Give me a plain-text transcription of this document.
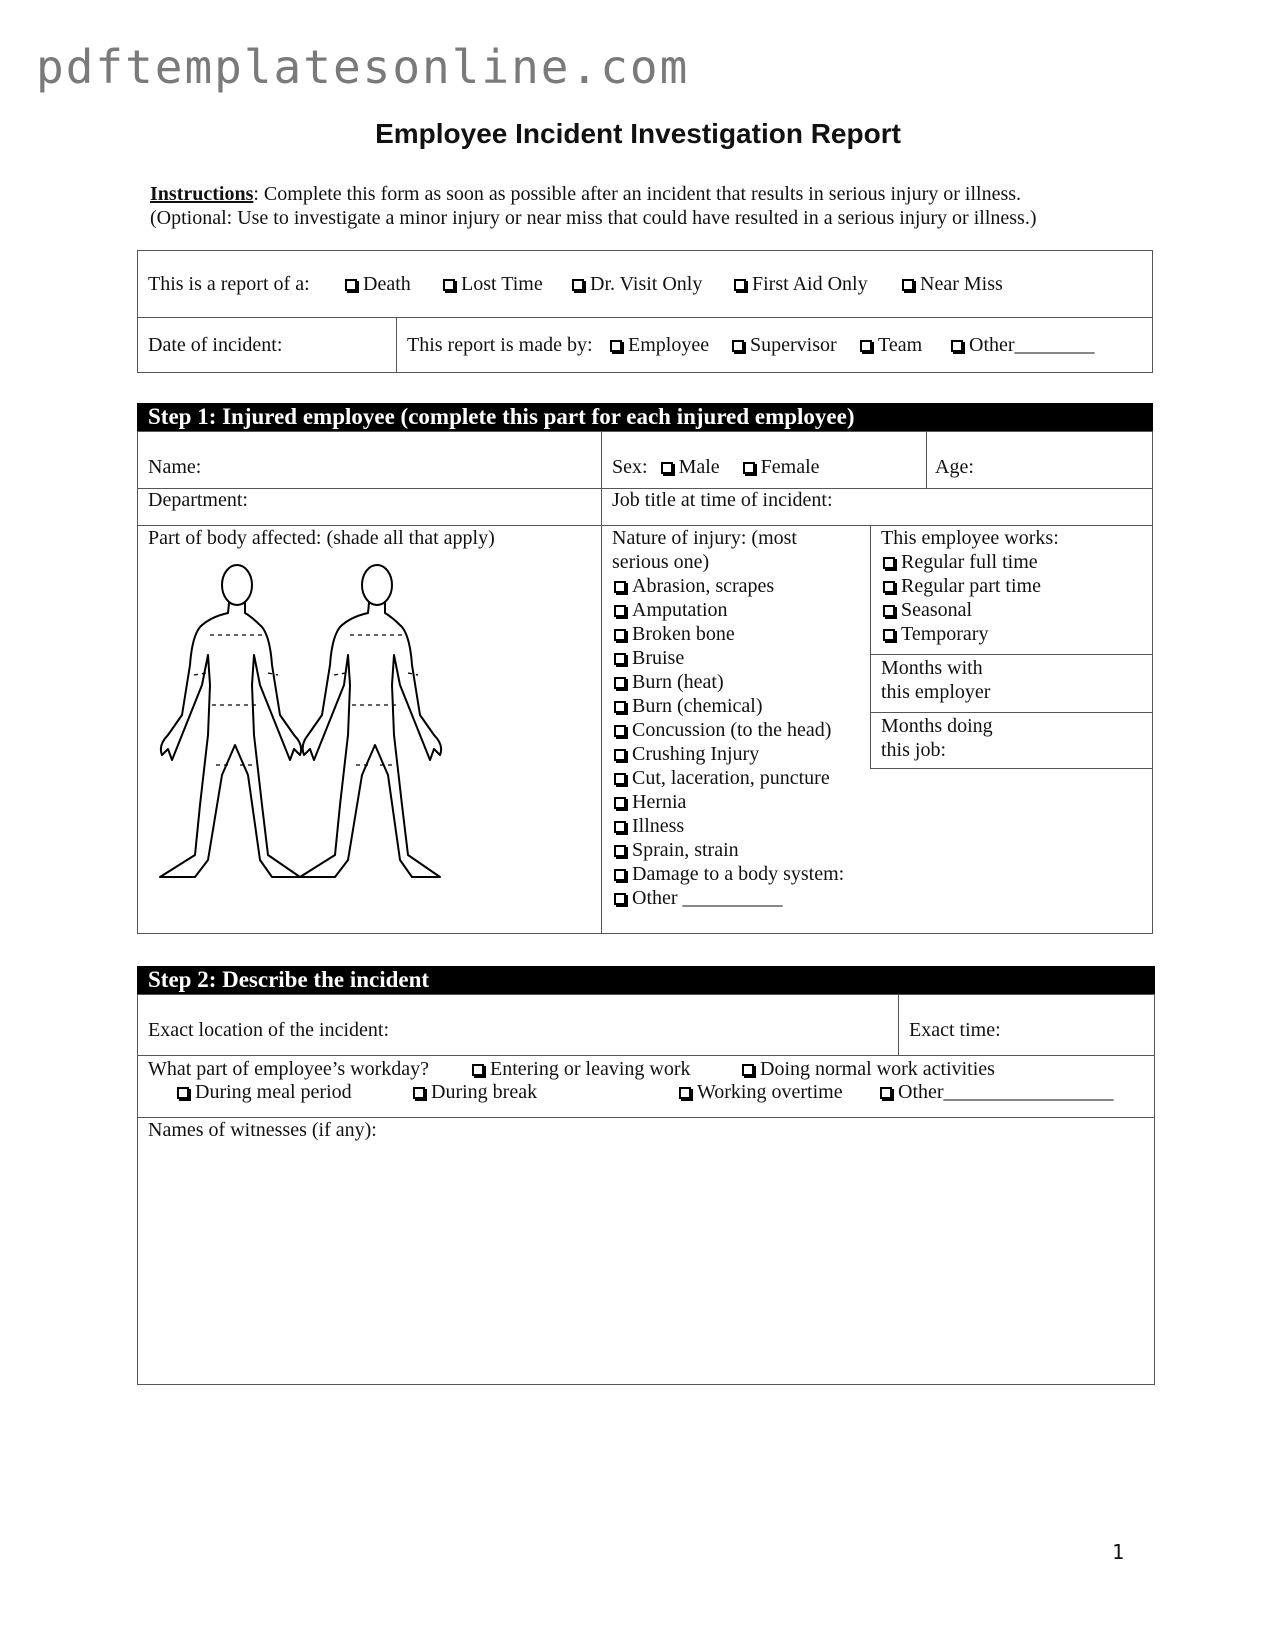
pdftemplatesonline.com
Employee Incident Investigation Report
Instructions: Complete this form as soon as possible after an incident that results in serious injury or illness.
(Optional: Use to investigate a minor injury or near miss that could have resulted in a serious injury or illness.)
This is a report of a:	Death	Lost Time	Dr. Visit Only	First Aid Only	Near Miss
Date of incident:	This report is made by:	Employee	Supervisor	Team	Other________
Step 1: Injured employee (complete this part for each injured employee)
Name:	Sex: Male Female	Age:
Department:	Job title at time of incident:
Part of body affected: (shade all that apply)	Nature of injury: (most
serious one)
Abrasion, scrapes
Amputation
Broken bone
Bruise
Burn (heat)
Burn (chemical)
Concussion (to the head)
Crushing Injury
Cut, laceration, puncture
Hernia
Illness
Sprain, strain
Damage to a body system:
Other __________
This employee works:
Regular full time
Regular part time
Seasonal
Temporary
Months with
this employer
Months doing
this job:
Step 2: Describe the incident
Exact location of the incident:	Exact time:
What part of employee’s workday?	Entering or leaving work	Doing normal work activities
During meal period	During break	Working overtime	Other_________________
Names of witnesses (if any):
1
